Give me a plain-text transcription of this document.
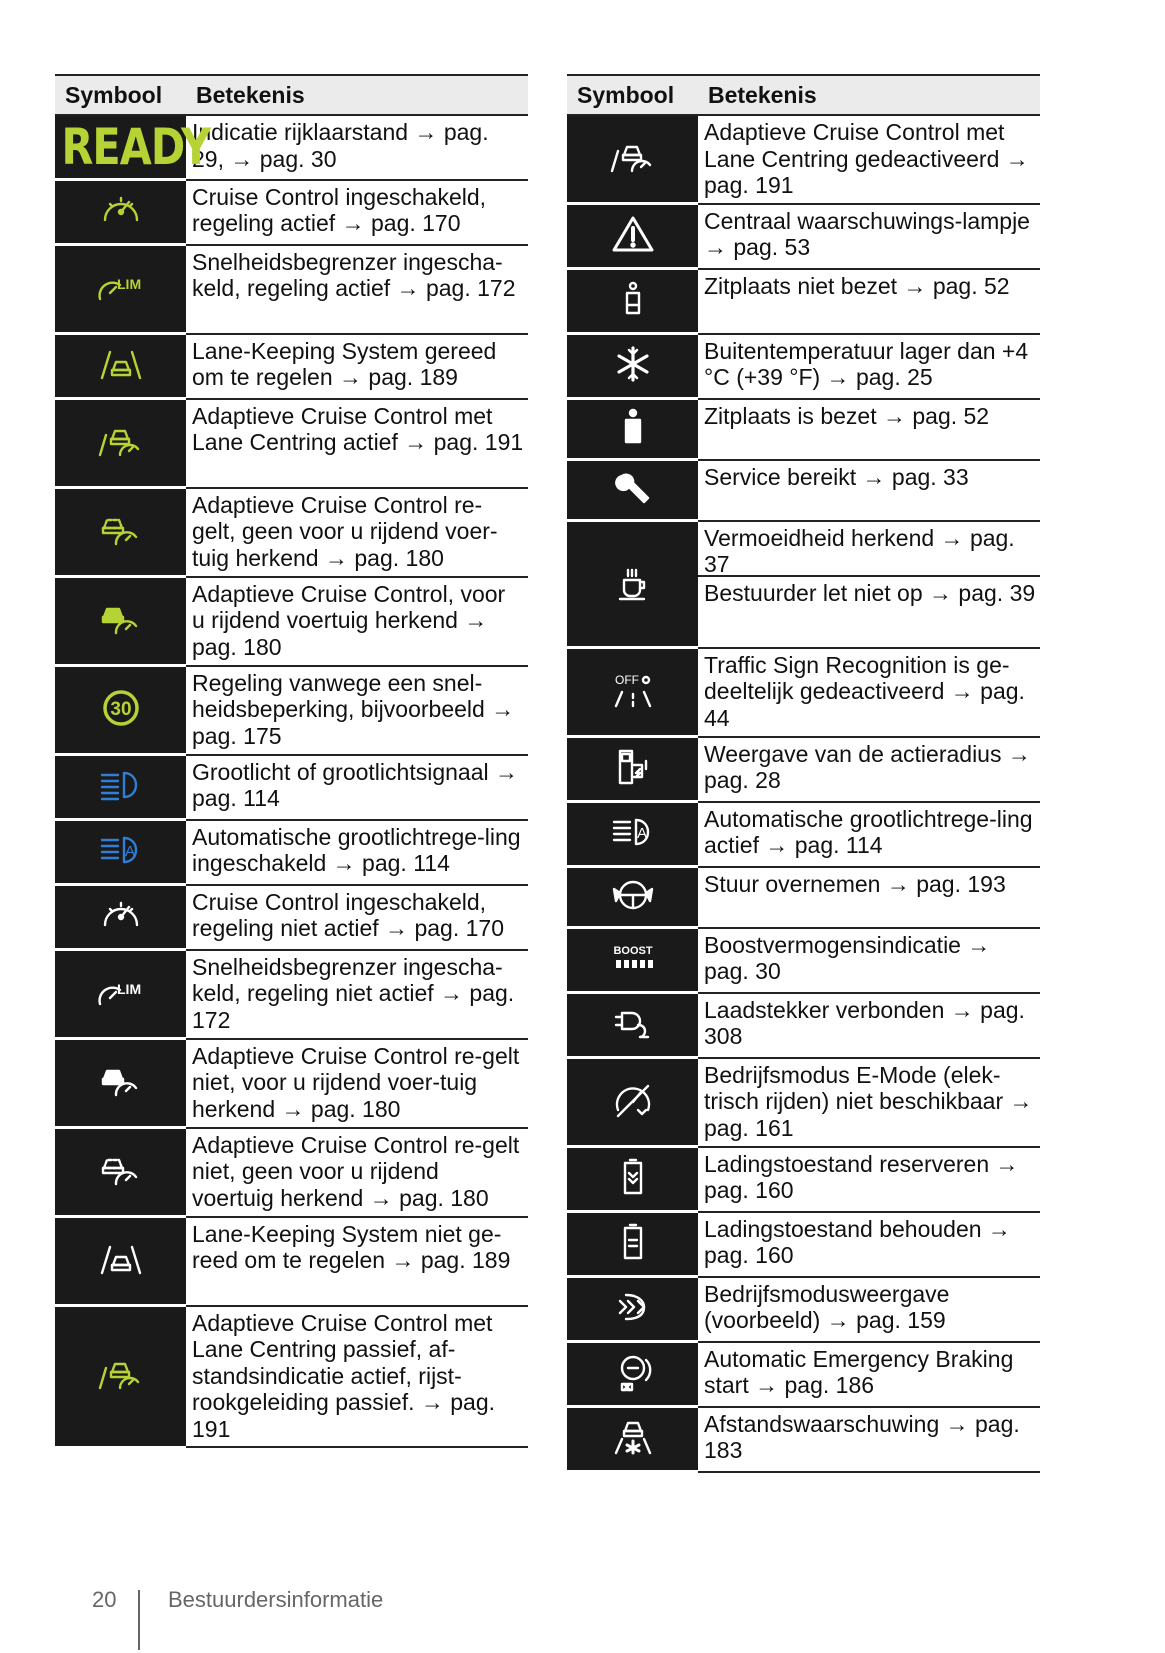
Symbool	Betekenis
READY	Indicatie rijklaarstand → pag. 29, → pag. 30

	Cruise Control ingeschakeld, regeling actief → pag. 170

LIM	Snelheidsbegrenzer ingescha-keld, regeling actief → pag. 172

	Lane-Keeping System gereed om te regelen → pag. 189

	Adaptieve Cruise Control met Lane Centring actief → pag. 191

	Adaptieve Cruise Control re-gelt, geen voor u rijdend voer-tuig herkend → pag. 180

	Adaptieve Cruise Control, voor u rijdend voertuig herkend → pag. 180

30	Regeling vanwege een snel-heidsbeperking, bijvoorbeeld → pag. 175

	Grootlicht of grootlichtsignaal → pag. 114

A	Automatische grootlichtrege-ling ingeschakeld → pag. 114

	Cruise Control ingeschakeld, regeling niet actief → pag. 170

LIM	Snelheidsbegrenzer ingescha-keld, regeling niet actief → pag. 172

	Adaptieve Cruise Control re-gelt niet, voor u rijdend voer-tuig herkend → pag. 180

	Adaptieve Cruise Control re-gelt niet, geen voor u rijdend voertuig herkend → pag. 180

	Lane-Keeping System niet ge-reed om te regelen → pag. 189

	Adaptieve Cruise Control met Lane Centring passief, af-standsindicatie actief, rijst-rookgeleiding passief. → pag. 191
Symbool	Betekenis

	Adaptieve Cruise Control met Lane Centring gedeactiveerd → pag. 191

	Centraal waarschuwings-lampje → pag. 53

	Zitplaats niet bezet → pag. 52

	Buitentemperatuur lager dan +4 °C (+39 °F) → pag. 25

	Zitplaats is bezet → pag. 52

	Service bereikt → pag. 33

Vermoeidheid herkend → pag. 37
Bestuurder let niet op → pag. 39

OFF	Traffic Sign Recognition is ge-deeltelijk gedeactiveerd → pag. 44

	Weergave van de actieradius → pag. 28

A	Automatische grootlichtrege-ling actief → pag. 114

	Stuur overnemen → pag. 193

BOOST	Boostvermogensindicatie → pag. 30

	Laadstekker verbonden → pag. 308

	Bedrijfsmodus E-Mode (elek-trisch rijden) niet beschikbaar → pag. 161

	Ladingstoestand reserveren → pag. 160

	Ladingstoestand behouden → pag. 160

	Bedrijfsmodusweergave (voorbeeld) → pag. 159

	Automatic Emergency Braking start → pag. 186

	Afstandswaarschuwing → pag. 183
20 Bestuurdersinformatie
